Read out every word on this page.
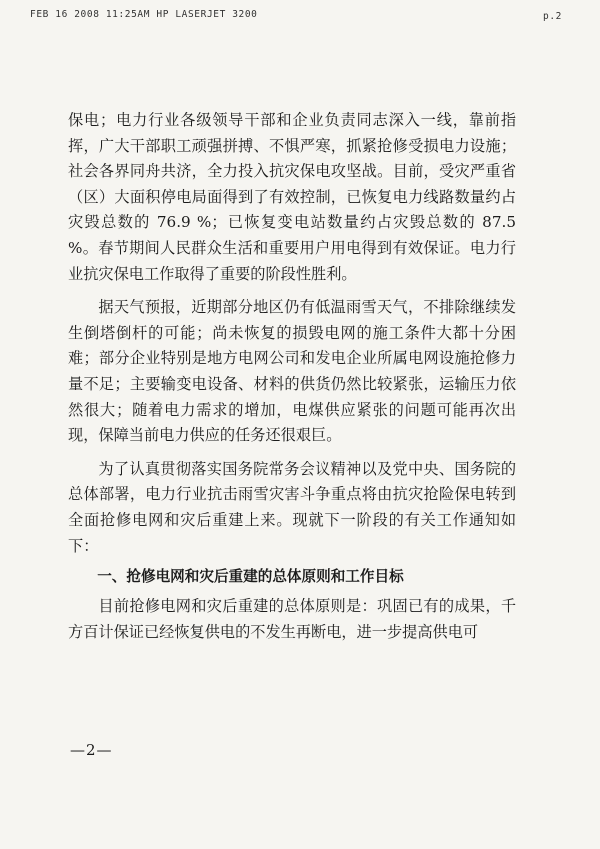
FEB 16 2008 11:25AM HP LASERJET 3200	p.2

保电；电力行业各级领导干部和企业负责同志深入一线，靠前指挥，广大干部职工顽强拼搏、不惧严寒，抓紧抢修受损电力设施；社会各界同舟共济，全力投入抗灾保电攻坚战。目前，受灾严重省（区）大面积停电局面得到了有效控制，已恢复电力线路数量约占灾毁总数的 76.9 %；已恢复变电站数量约占灾毁总数的 87.5 %。春节期间人民群众生活和重要用户用电得到有效保证。电力行业抗灾保电工作取得了重要的阶段性胜利。

据天气预报，近期部分地区仍有低温雨雪天气，不排除继续发生倒塔倒杆的可能；尚未恢复的损毁电网的施工条件大都十分困难；部分企业特别是地方电网公司和发电企业所属电网设施抢修力量不足；主要输变电设备、材料的供货仍然比较紧张，运输压力依然很大；随着电力需求的增加，电煤供应紧张的问题可能再次出现，保障当前电力供应的任务还很艰巨。

为了认真贯彻落实国务院常务会议精神以及党中央、国务院的总体部署，电力行业抗击雨雪灾害斗争重点将由抗灾抢险保电转到全面抢修电网和灾后重建上来。现就下一阶段的有关工作通知如下：

一、抢修电网和灾后重建的总体原则和工作目标

目前抢修电网和灾后重建的总体原则是：巩固已有的成果，千方百计保证已经恢复供电的不发生再断电，进一步提高供电可

—2—
